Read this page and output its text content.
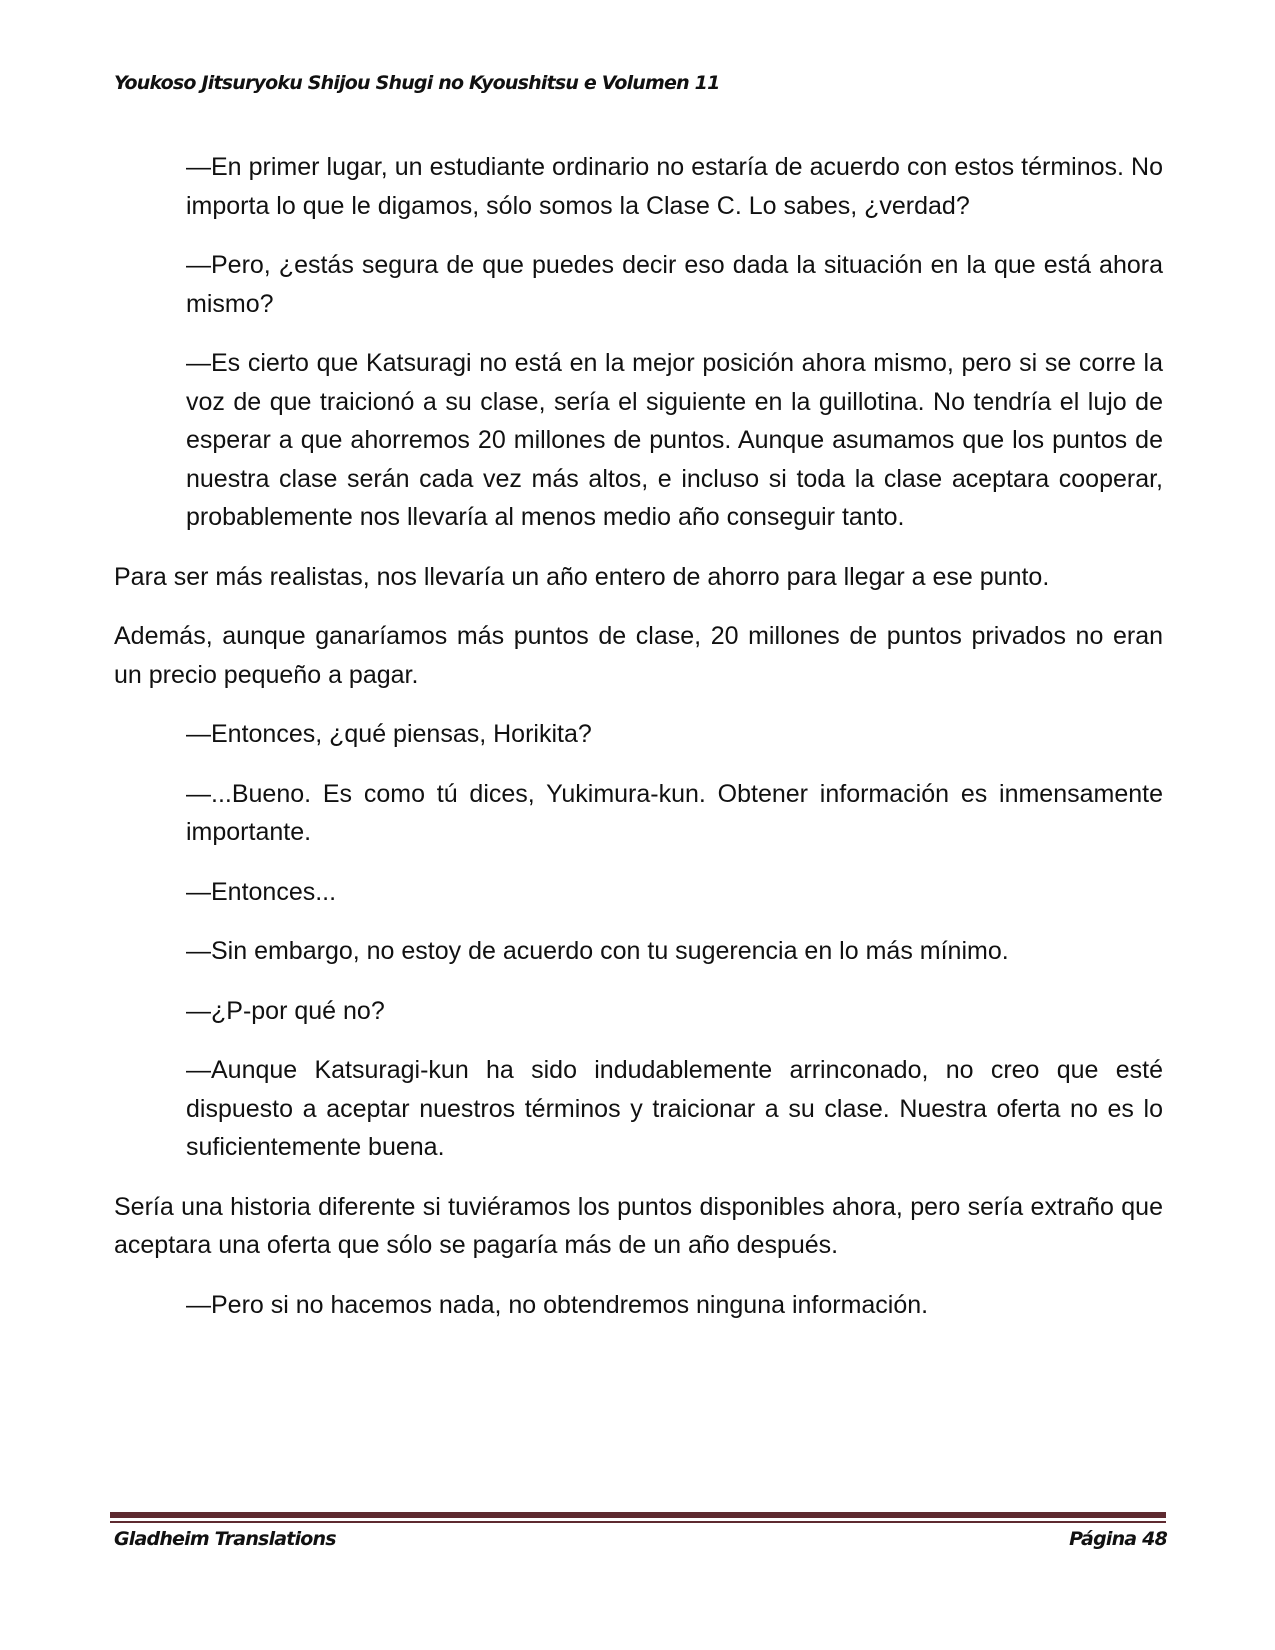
Youkoso Jitsuryoku Shijou Shugi no Kyoushitsu e Volumen 11

—En primer lugar, un estudiante ordinario no estaría de acuerdo con estos términos. No importa lo que le digamos, sólo somos la Clase C. Lo sabes, ¿verdad?

—Pero, ¿estás segura de que puedes decir eso dada la situación en la que está ahora mismo?

—Es cierto que Katsuragi no está en la mejor posición ahora mismo, pero si se corre la voz de que traicionó a su clase, sería el siguiente en la guillotina. No tendría el lujo de esperar a que ahorremos 20 millones de puntos. Aunque asumamos que los puntos de nuestra clase serán cada vez más altos, e incluso si toda la clase aceptara cooperar, probablemente nos llevaría al menos medio año conseguir tanto.

Para ser más realistas, nos llevaría un año entero de ahorro para llegar a ese punto.

Además, aunque ganaríamos más puntos de clase, 20 millones de puntos privados no eran un precio pequeño a pagar.

—Entonces, ¿qué piensas, Horikita?

—...Bueno. Es como tú dices, Yukimura-kun. Obtener información es inmensamente importante.

—Entonces...

—Sin embargo, no estoy de acuerdo con tu sugerencia en lo más mínimo.

—¿P-por qué no?

—Aunque Katsuragi-kun ha sido indudablemente arrinconado, no creo que esté dispuesto a aceptar nuestros términos y traicionar a su clase. Nuestra oferta no es lo suficientemente buena.

Sería una historia diferente si tuviéramos los puntos disponibles ahora, pero sería extraño que aceptara una oferta que sólo se pagaría más de un año después.

—Pero si no hacemos nada, no obtendremos ninguna información.

Gladheim Translations	Página 48
